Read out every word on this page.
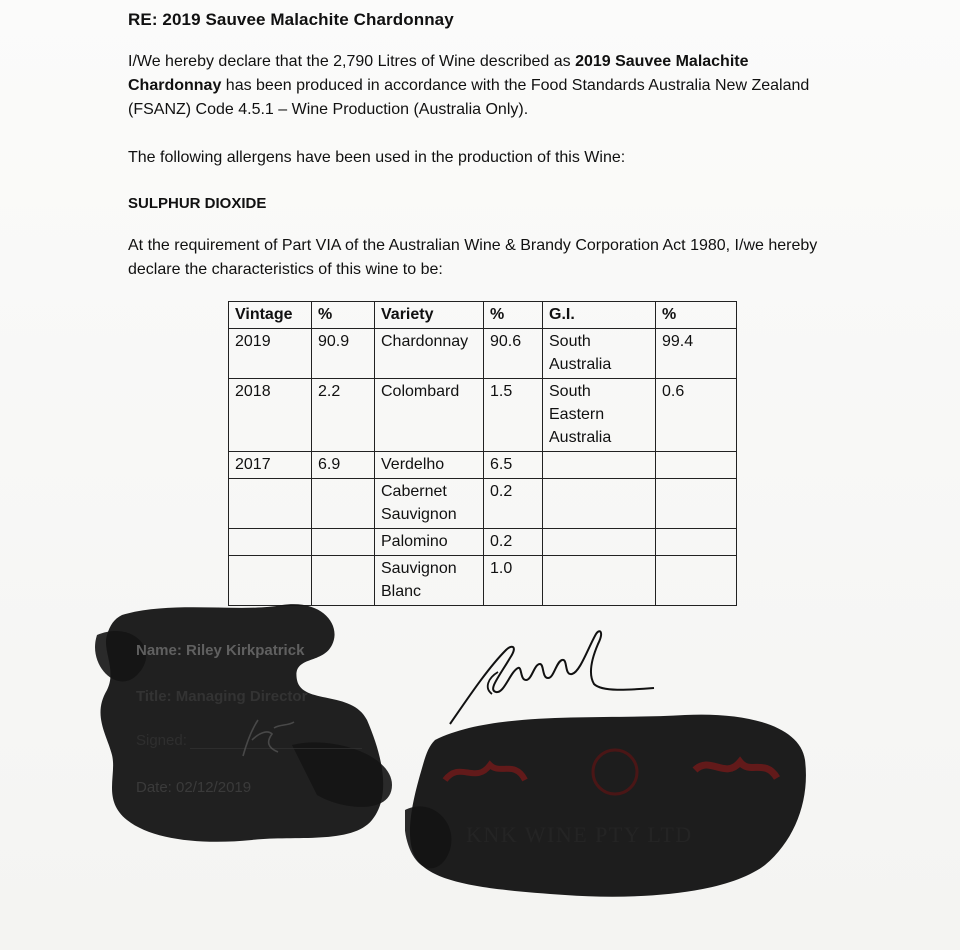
RE: 2019 Sauvee Malachite Chardonnay
I/We hereby declare that the 2,790 Litres of Wine described as 2019 Sauvee Malachite Chardonnay has been produced in accordance with the Food Standards Australia New Zealand (FSANZ) Code 4.5.1 – Wine Production (Australia Only).
The following allergens have been used in the production of this Wine:
SULPHUR DIOXIDE
At the requirement of Part VIA of the Australian Wine & Brandy Corporation Act 1980, I/we hereby declare the characteristics of this wine to be:
Vintage	%	Variety	%	G.I.	%
2019	90.9	Chardonnay	90.6	South Australia	99.4
2018	2.2	Colombard	1.5	South Eastern Australia	0.6
2017	6.9	Verdelho	6.5		
		Cabernet Sauvignon	0.2		
		Palomino	0.2		
		Sauvignon Blanc	1.0		
Name: Riley Kirkpatrick
Title: Managing Director
Signed:
Date: 02/12/2019
KNK WINE PTY LTD
